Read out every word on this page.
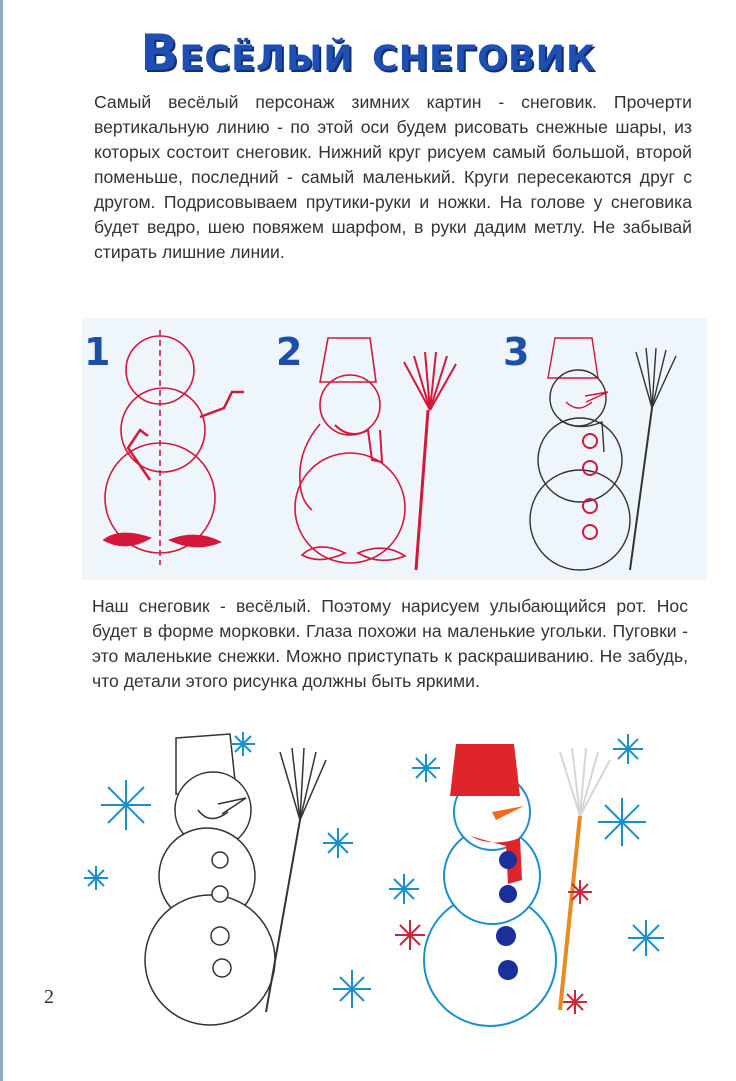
Весёлый снеговик
Самый весёлый персонаж зимних картин - снеговик. Прочерти вертикальную линию - по этой оси будем рисовать снежные шары, из которых состоит снеговик. Нижний круг рисуем самый большой, второй поменьше, последний - самый маленький. Круги пересекаются друг с другом. Подрисовываем прутики-руки и ножки. На голове у снеговика будет ведро, шею повяжем шарфом, в руки дадим метлу. Не забывай стирать лишние линии.
1	2	3
Наш снеговик - весёлый. Поэтому нарисуем улыбающийся рот. Нос будет в форме морковки. Глаза похожи на маленькие угольки. Пуговки - это маленькие снежки. Можно приступать к раскрашиванию. Не забудь, что детали этого рисунка должны быть яркими.
2
